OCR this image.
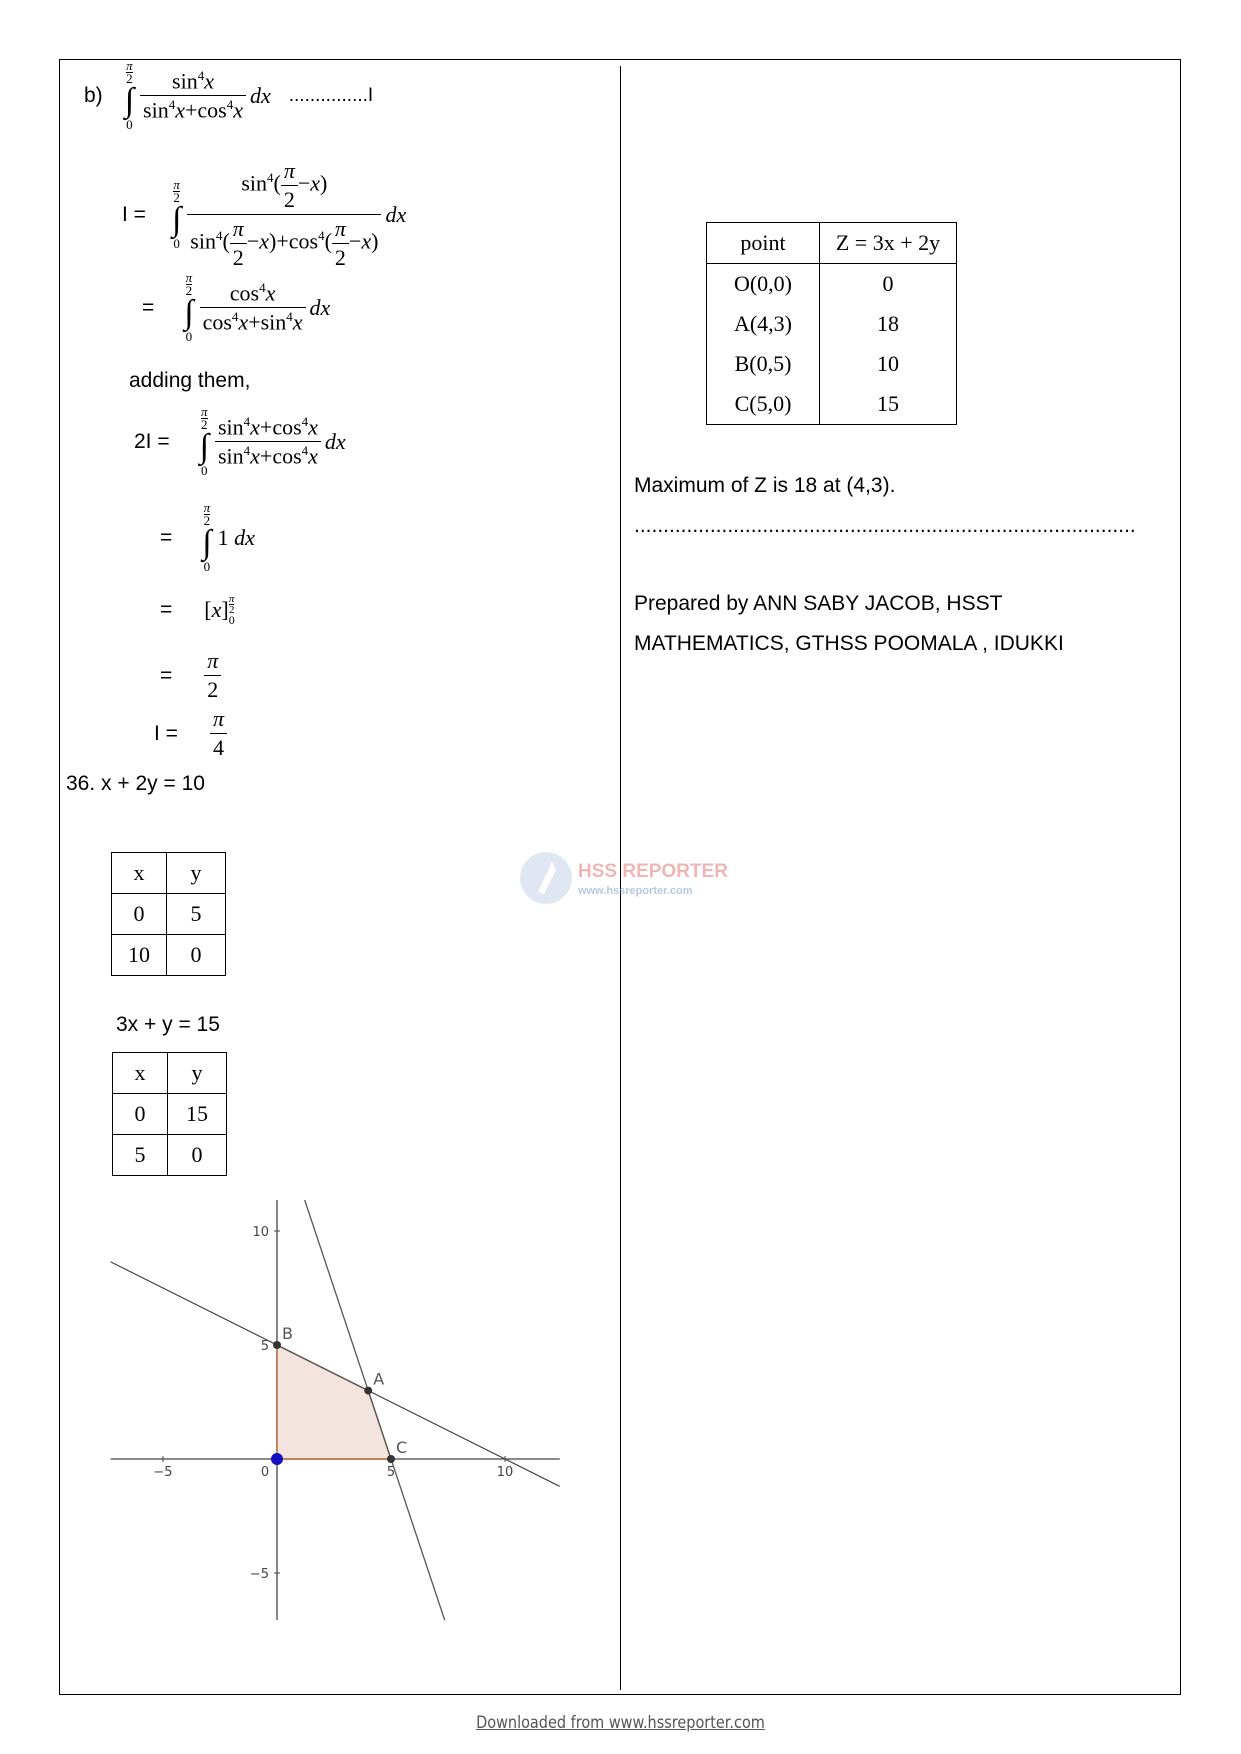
b)
$\frac{\pi}{2}$
∫
0
$\frac{\sin^4x}{\sin^4x+\cos^4x}$ dx ...............I
I =
$\frac{\pi}{2}$
∫
$0 \frac{\sin^4( \frac{\pi}{2} -x)}{\sin^4( \frac{\pi}{2} -x)+\cos^4( \frac{\pi}{2} -x)}$ dx
=
$\frac{\pi}{2}$
∫
0
$\frac{\cos^4x}{\cos^4x+\sin^4x}$ dx
adding them,
2I =
$\frac{\pi}{2}$
∫
0
$\frac{\sin^4x+\cos^4x}{\sin^4x+\cos^4x}$ dx
=
$\frac{\pi}{2}$
∫
0
1 dx
= [x] π
2
0
= $\frac{\pi}{2}$
$I = \frac{\pi}{4}$
36. x + 2y = 10
x	y
0	5
10	0
3x + y = 15
x	y
0	15
5	0
−5	0	5	10
10
5
−5
B
A
C
HSS REPORTER
www.hssreporter.com
point	Z = 3x + 2y
O(0,0)	0
A(4,3)	18
B(0,5)	10
C(5,0)	15
Maximum of Z is 18 at (4,3).
......................................................................................
Prepared by ANN SABY JACOB, HSST
MATHEMATICS, GTHSS POOMALA , IDUKKI
Downloaded from www.hssreporter.com
